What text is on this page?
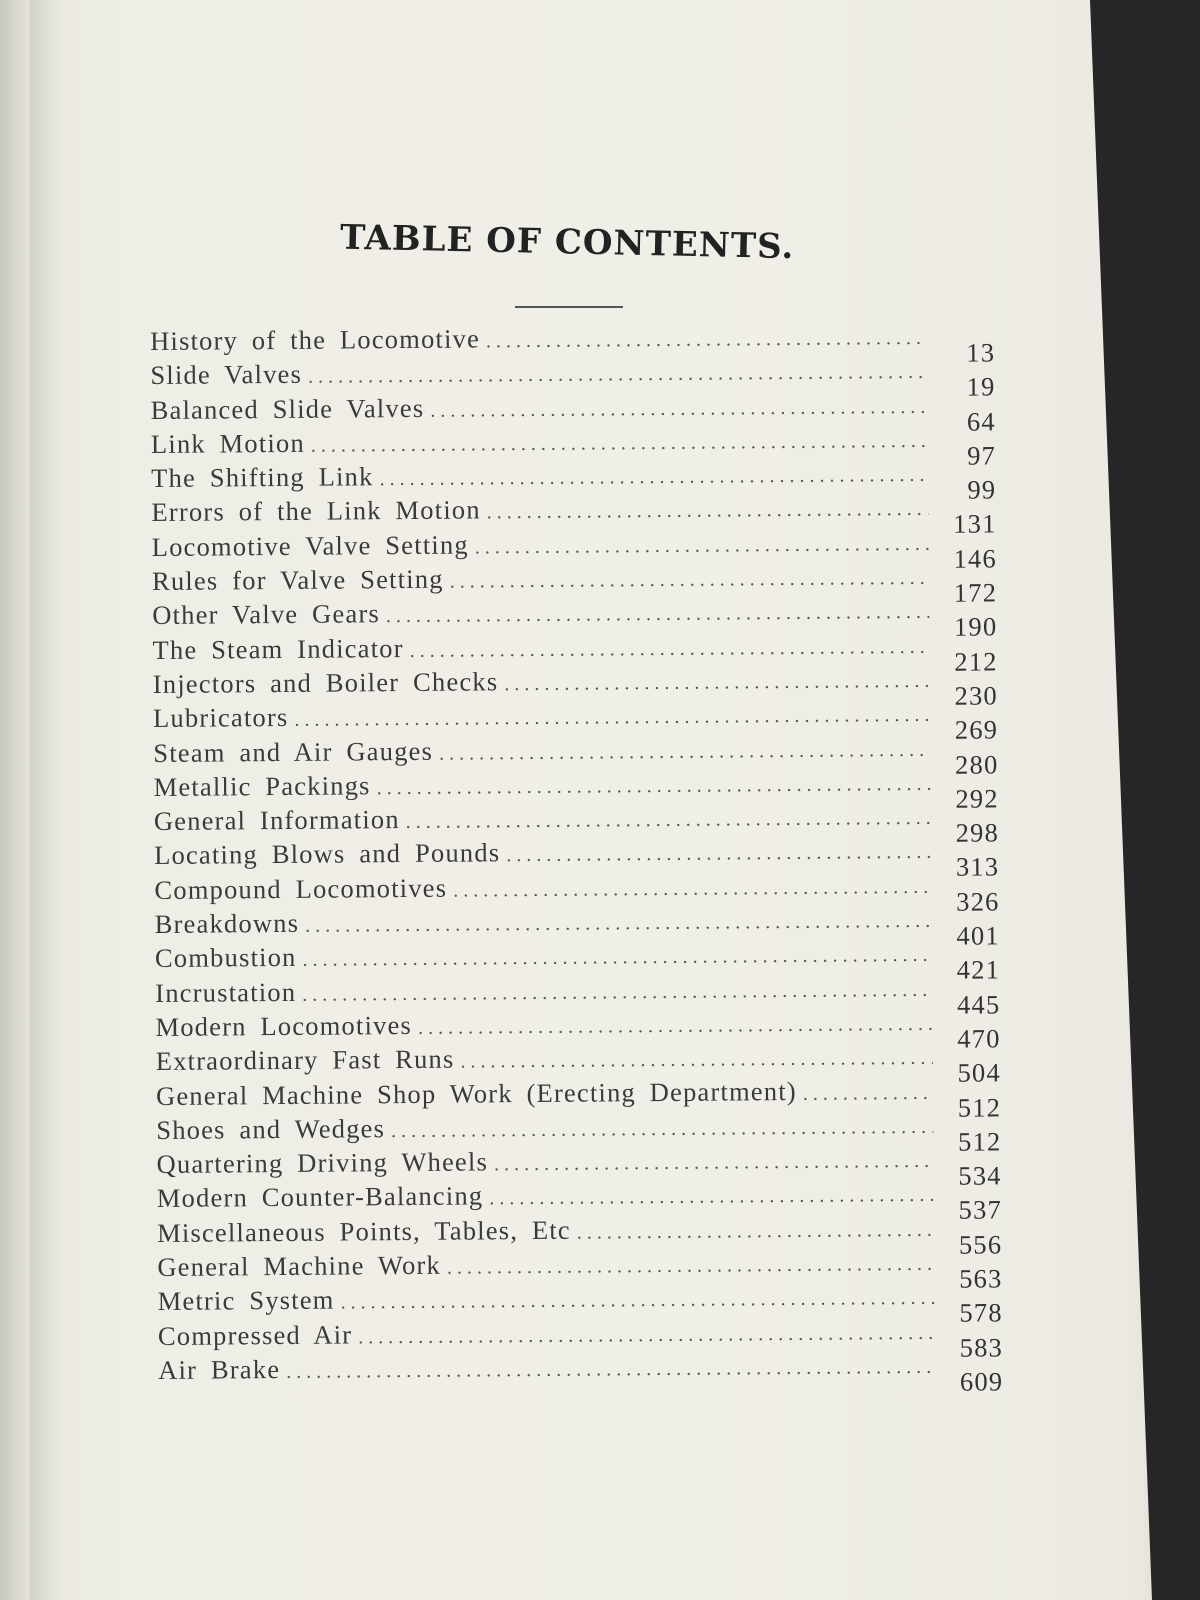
TABLE OF CONTENTS.
History of the Locomotive . . .	13
Slide Valves . . .	19
Balanced Slide Valves . . .	64
Link Motion . . .	97
The Shifting Link . . .	99
Errors of the Link Motion . . .	131
Locomotive Valve Setting . . .	146
Rules for Valve Setting . . .	172
Other Valve Gears . . .	190
The Steam Indicator . . .	212
Injectors and Boiler Checks . . .	230
Lubricators . . .	269
Steam and Air Gauges . . .	280
Metallic Packings . . .	292
General Information . . .	298
Locating Blows and Pounds . . .	313
Compound Locomotives . . .	326
Breakdowns . . .	401
Combustion . . .	421
Incrustation . . .	445
Modern Locomotives . . .	470
Extraordinary Fast Runs . . .	504
General Machine Shop Work (Erecting Department) . . .	512
Shoes and Wedges . . .	512
Quartering Driving Wheels . . .	534
Modern Counter-Balancing . . .	537
Miscellaneous Points, Tables, Etc . . .	556
General Machine Work . . .	563
Metric System . . .	578
Compressed Air . . .	583
Air Brake . . .	609
